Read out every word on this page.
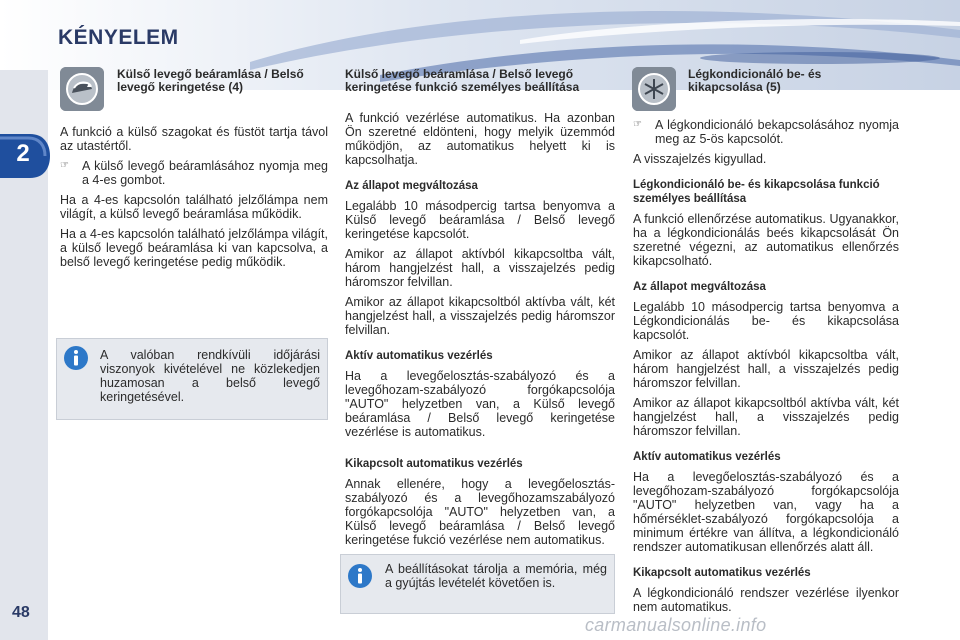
KÉNYELEM
2
48
Külső levegő beáramlása / Belső levegő keringetése (4)

A funkció a külső szagokat és füstöt tartja távol az utastértől.

☞	A külső levegő beáramlásához nyomja meg a 4-es gombot.

Ha a 4-es kapcsolón található jelzőlámpa nem világít, a külső levegő beáramlása működik.

Ha a 4-es kapcsolón található jelzőlámpa világít, a külső levegő beáramlása ki van kapcsolva, a belső levegő keringetése pedig működik.

A valóban rendkívüli időjárási viszonyok kivételével ne közlekedjen huzamosan a belső levegő keringetésével.
Külső levegő beáramlása / Belső levegő keringetése funkció személyes beállítása

A funkció vezérlése automatikus. Ha azonban Ön szeretné eldönteni, hogy melyik üzemmód működjön, az automatikus helyett ki is kapcsolhatja.

Az állapot megváltozása

Legalább 10 másodpercig tartsa benyomva a Külső levegő beáramlása / Belső levegő keringetése kapcsolót.

Amikor az állapot aktívból kikapcsoltba vált, három hangjelzést hall, a visszajelzés pedig háromszor felvillan.

Amikor az állapot kikapcsoltból aktívba vált, két hangjelzést hall, a visszajelzés pedig háromszor felvillan.

Aktív automatikus vezérlés

Ha a levegőelosztás-szabályozó és a levegőhozam-szabályozó forgókapcsolója "AUTO" helyzetben van, a Külső levegő beáramlása / Belső levegő keringetése vezérlése is automatikus.

Kikapcsolt automatikus vezérlés

Annak ellenére, hogy a levegőelosztás-szabályozó és a levegőhozamszabályozó forgókapcsolója "AUTO" helyzetben van, a Külső levegő beáramlása / Belső levegő keringetése fukció vezérlése nem automatikus.

A beállításokat tárolja a memória, még a gyújtás levételét követően is.
Légkondicionáló be- és kikapcsolása (5)
☞	A légkondicionáló bekapcsolásához nyomja meg az 5-ös kapcsolót.

A visszajelzés kigyullad.

Légkondicionáló be- és kikapcsolása funkció személyes beállítása

A funkció ellenőrzése automatikus. Ugyanakkor, ha a légkondicionálás beés kikapcsolását Ön szeretné végezni, az automatikus ellenőrzés kikapcsolható.

Az állapot megváltozása

Legalább 10 másodpercig tartsa benyomva a Légkondicionálás be- és kikapcsolása kapcsolót.

Amikor az állapot aktívból kikapcsoltba vált, három hangjelzést hall, a visszajelzés pedig háromszor felvillan.

Amikor az állapot kikapcsoltból aktívba vált, két hangjelzést hall, a visszajelzés pedig háromszor felvillan.

Aktív automatikus vezérlés

Ha a levegőelosztás-szabályozó és a levegőhozam-szabályozó forgókapcsolója "AUTO" helyzetben van, vagy ha a hőmérséklet-szabályozó forgókapcsolója a minimum értékre van állítva, a légkondicionáló rendszer automatikusan ellenőrzés alatt áll.

Kikapcsolt automatikus vezérlés

A légkondicionáló rendszer vezérlése ilyenkor nem automatikus.

carmanualsonline.info
